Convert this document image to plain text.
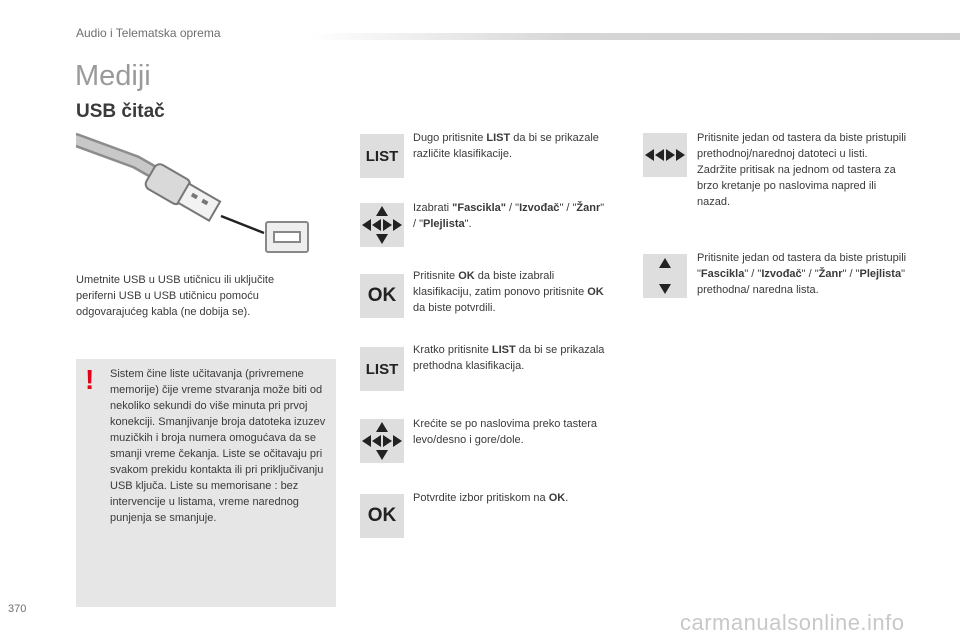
Audio i Telematska oprema
Mediji
USB čitač
Umetnite USB u USB utičnicu ili uključite periferni USB u USB utičnicu pomoću odgovarajućeg kabla (ne dobija se).
! Sistem čine liste učitavanja (privremene memorije) čije vreme stvaranja može biti od nekoliko sekundi do više minuta pri prvoj konekciji. Smanjivanje broja datoteka izuzev muzičkih i broja numera omogućava da se smanji vreme čekanja. Liste se očitavaju pri svakom prekidu kontakta ili pri priključivanju USB ključa. Liste su memorisane : bez intervencije u listama, vreme narednog punjenja se smanjuje.
LIST
OK
LIST
OK
Dugo pritisnite LIST da bi se prikazale različite klasifikacije.
Izabrati "Fascikla" / "Izvođač" / "Žanr" / "Plejlista".
Pritisnite OK da biste izabrali klasifikaciju, zatim ponovo pritisnite OK da biste potvrdili.
Kratko pritisnite LIST da bi se prikazala prethodna klasifikacija.
Krećite se po naslovima preko tastera levo/desno i gore/dole.
Potvrdite izbor pritiskom na OK.
Pritisnite jedan od tastera da biste pristupili prethodnoj/narednoj datoteci u listi.
Zadržite pritisak na jednom od tastera za brzo kretanje po naslovima napred ili nazad.
Pritisnite jedan od tastera da biste pristupili "Fascikla" / "Izvođač" / "Žanr" / "Plejlista" prethodna/ naredna lista.
370
carmanualsonline.info
